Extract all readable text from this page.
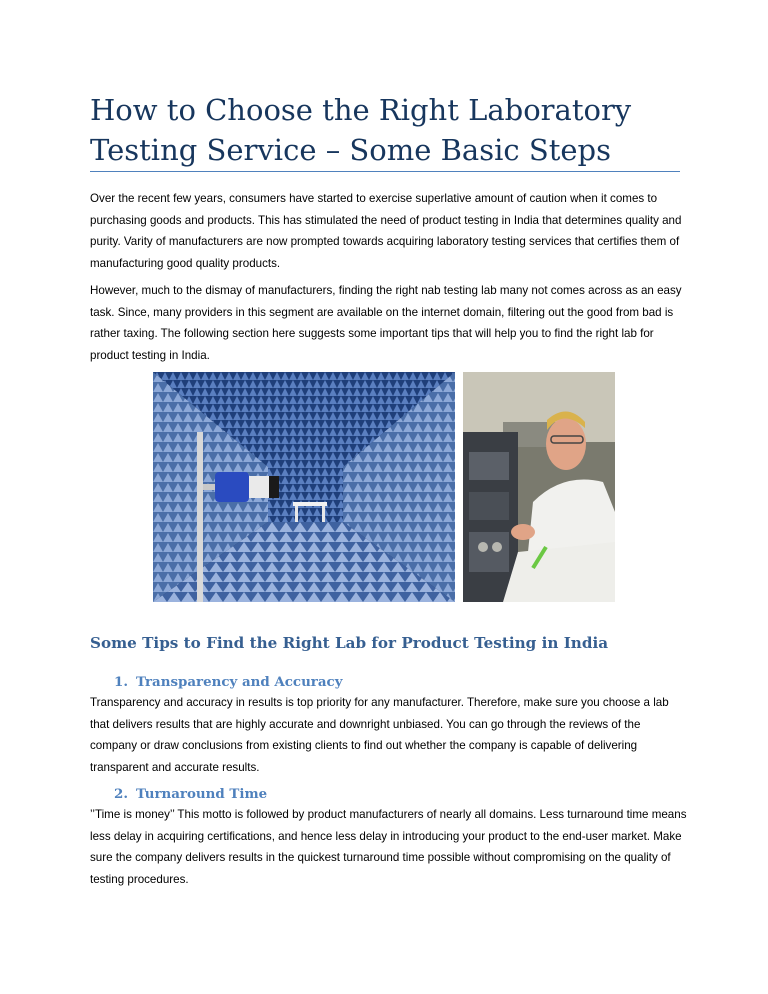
How to Choose the Right Laboratory
Testing Service – Some Basic Steps

Over the recent few years, consumers have started to exercise superlative amount of caution when it comes to purchasing goods and products. This has stimulated the need of product testing in India that determines quality and purity. Varity of manufacturers are now prompted towards acquiring laboratory testing services that certifies them of manufacturing good quality products.

However, much to the dismay of manufacturers, finding the right nab testing lab many not comes across as an easy task. Since, many providers in this segment are available on the internet domain, filtering out the good from bad is rather taxing. The following section here suggests some important tips that will help you to find the right lab for product testing in India.

Some Tips to Find the Right Lab for Product Testing in India
1. Transparency and Accuracy

Transparency and accuracy in results is top priority for any manufacturer. Therefore, make sure you choose a lab that delivers results that are highly accurate and downright unbiased. You can go through the reviews of the company or draw conclusions from existing clients to find out whether the company is capable of delivering transparent and accurate results.

2. Turnaround Time

’’Time is money’’ This motto is followed by product manufacturers of nearly all domains. Less turnaround time means less delay in acquiring certifications, and hence less delay in introducing your product to the end-user market. Make sure the company delivers results in the quickest turnaround time possible without compromising on the quality of testing procedures.
